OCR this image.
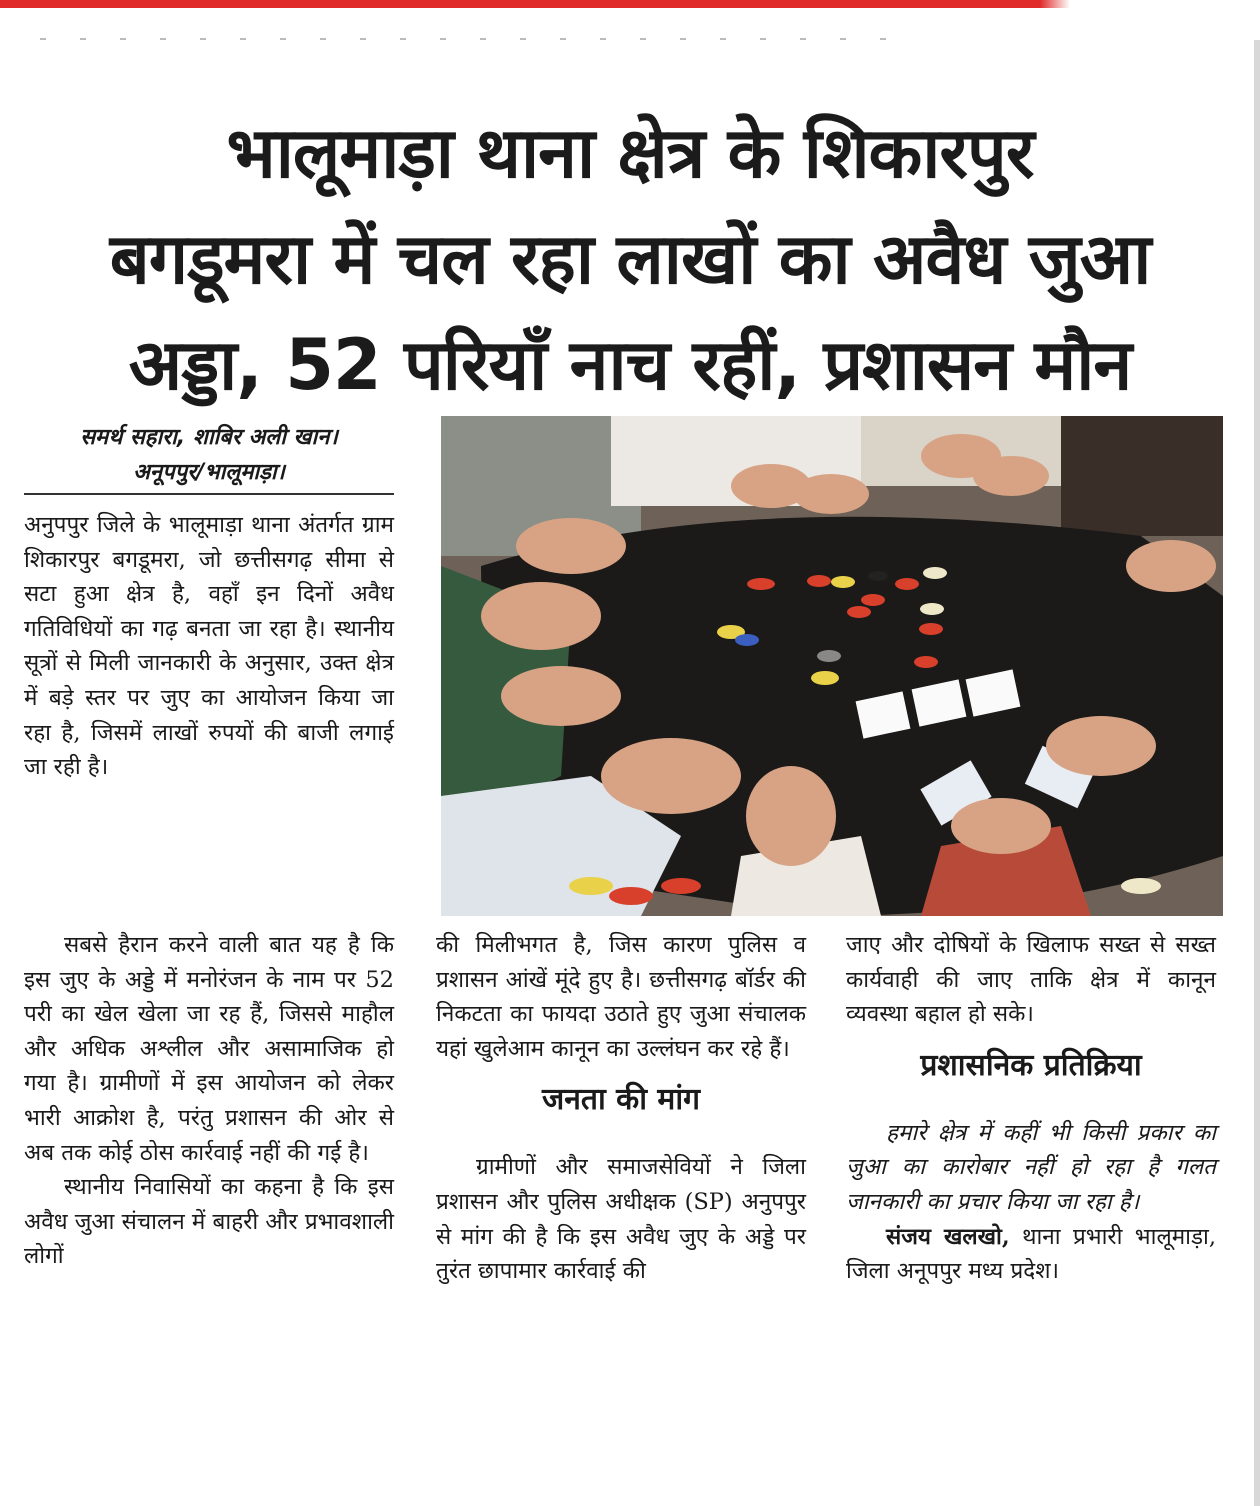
भालूमाड़ा थाना क्षेत्र के शिकारपुर
बगडूमरा में चल रहा लाखों का अवैध जुआ
अड्डा, 52 परियाँ नाच रहीं, प्रशासन मौन
समर्थ सहारा, शाबिर अली खान।
अनूपपुर/भालूमाड़ा।

अनुपपुर जिले के भालूमाड़ा थाना अंतर्गत ग्राम शिकारपुर बगडूमरा, जो छत्तीसगढ़ सीमा से सटा हुआ क्षेत्र है, वहाँ इन दिनों अवैध गतिविधियों का गढ़ बनता जा रहा है। स्थानीय सूत्रों से मिली जानकारी के अनुसार, उक्त क्षेत्र में बड़े स्तर पर जुए का आयोजन किया जा रहा है, जिसमें लाखों रुपयों की बाजी लगाई जा रही है।

सबसे हैरान करने वाली बात यह है कि इस जुए के अड्डे में मनोरंजन के नाम पर 52 परी का खेल खेला जा रह हैं, जिससे माहौल और अधिक अश्लील और असामाजिक हो गया है। ग्रामीणों में इस आयोजन को लेकर भारी आक्रोश है, परंतु प्रशासन की ओर से अब तक कोई ठोस कार्रवाई नहीं की गई है।

स्थानीय निवासियों का कहना है कि इस अवैध जुआ संचालन में बाहरी और प्रभावशाली लोगों

की मिलीभगत है, जिस कारण पुलिस व प्रशासन आंखें मूंदे हुए है। छत्तीसगढ़ बॉर्डर की निकटता का फायदा उठाते हुए जुआ संचालक यहां खुलेआम कानून का उल्लंघन कर रहे हैं।

जनता की मांग

ग्रामीणों और समाजसेवियों ने जिला प्रशासन और पुलिस अधीक्षक (SP) अनुपपुर से मांग की है कि इस अवैध जुए के अड्डे पर तुरंत छापामार कार्रवाई की

जाए और दोषियों के खिलाफ सख्त से सख्त कार्यवाही की जाए ताकि क्षेत्र में कानून व्यवस्था बहाल हो सके।

प्रशासनिक प्रतिक्रिया

हमारे क्षेत्र में कहीं भी किसी प्रकार का जुआ का कारोबार नहीं हो रहा है गलत जानकारी का प्रचार किया जा रहा है।

संजय खलखो, थाना प्रभारी भालूमाड़ा, जिला अनूपपुर मध्य प्रदेश।
